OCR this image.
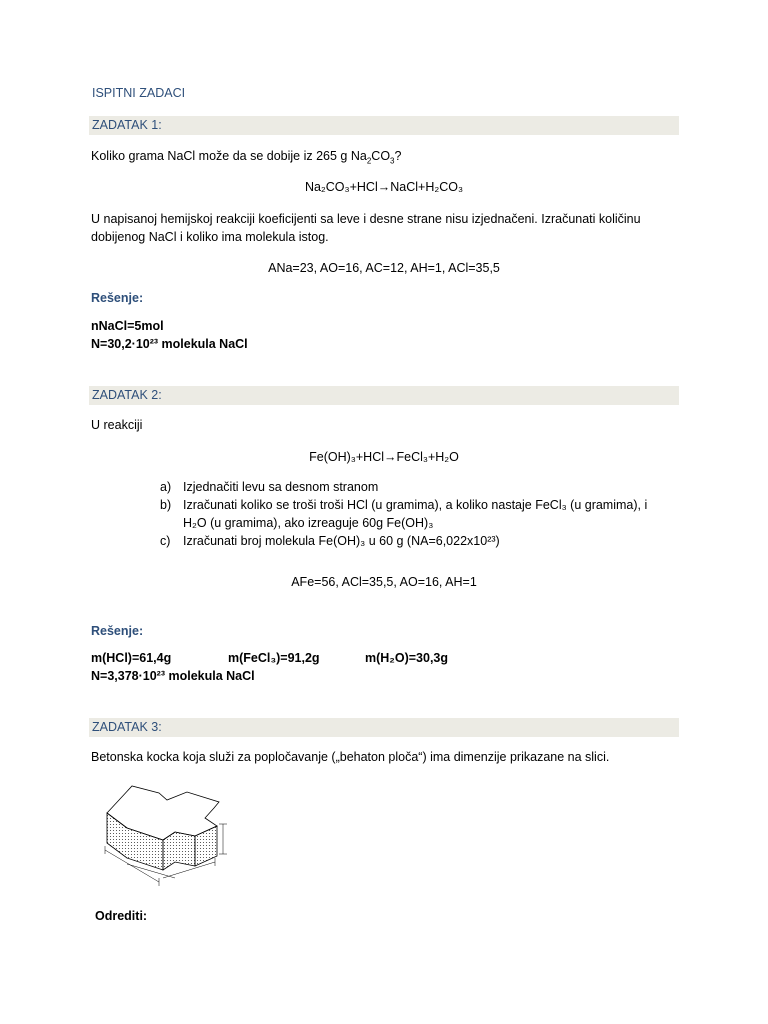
ISPITNI ZADACI
ZADATAK 1:
Koliko grama NaCl može da se dobije iz 265 g $Na_2CO_3$?
Na₂CO₃+HCl→NaCl+H₂CO₃
U napisanoj hemijskoj reakciji koeficijenti sa leve i desne strane nisu izjednačeni. Izračunati količinu
dobijenog NaCl i koliko ima molekula istog.
ANa=23, AO=16, AC=12, AH=1, ACl=35,5
Rešenje:
nNaCl=5mol
N=30,2·10²³ molekula NaCl
ZADATAK 2:
U reakciji
Fe(OH)₃+HCl→FeCl₃+H₂O
a) Izjednačiti levu sa desnom stranom
b) Izračunati koliko se troši troši HCl (u gramima), a koliko nastaje FeCl₃ (u gramima), i
H₂O (u gramima), ako izreaguje 60g Fe(OH)₃
c)	Izračunati broj molekula Fe(OH)₃ u 60 g (NA=6,022x10²³)
AFe=56, ACl=35,5, AO=16, AH=1
Rešenje:
m(HCl)=61,4g	m(FeCl₃)=91,2g	m(H₂O)=30,3g
N=3,378·10²³ molekula NaCl
ZADATAK 3:
Betonska kocka koja služi za popločavanje („behaton ploča“) ima dimenzije prikazane na slici.
Odrediti:
